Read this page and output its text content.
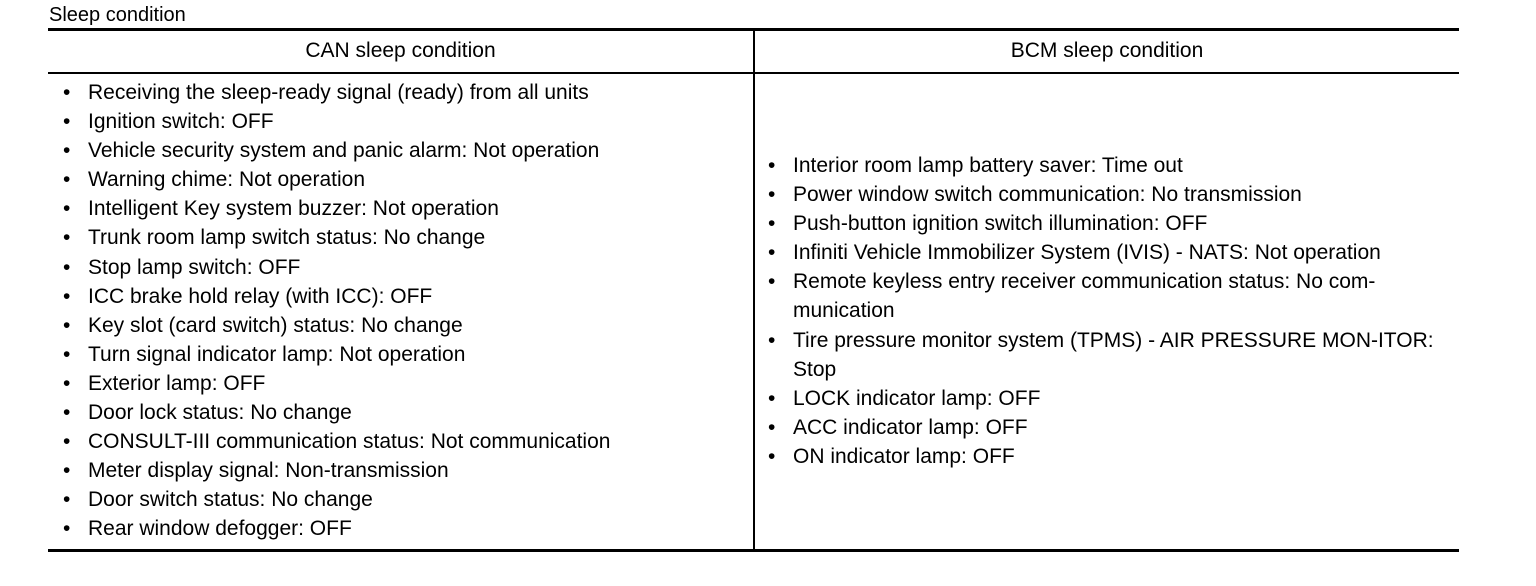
Sleep condition
CAN sleep condition	BCM sleep condition
• Receiving the sleep-ready signal (ready) from all units
• Ignition switch: OFF
• Vehicle security system and panic alarm: Not operation
• Warning chime: Not operation
• Intelligent Key system buzzer: Not operation
• Trunk room lamp switch status: No change
• Stop lamp switch: OFF
• ICC brake hold relay (with ICC): OFF
• Key slot (card switch) status: No change
• Turn signal indicator lamp: Not operation
• Exterior lamp: OFF
• Door lock status: No change
• CONSULT-III communication status: Not communication
• Meter display signal: Non-transmission
• Door switch status: No change
• Rear window defogger: OFF
• Interior room lamp battery saver: Time out
• Power window switch communication: No transmission
• Push-button ignition switch illumination: OFF
• Infiniti Vehicle Immobilizer System (IVIS) - NATS: Not operation
• Remote keyless entry receiver communication status: No com-munication
• Tire pressure monitor system (TPMS) - AIR PRESSURE MON-ITOR: Stop
• LOCK indicator lamp: OFF
• ACC indicator lamp: OFF
• ON indicator lamp: OFF
